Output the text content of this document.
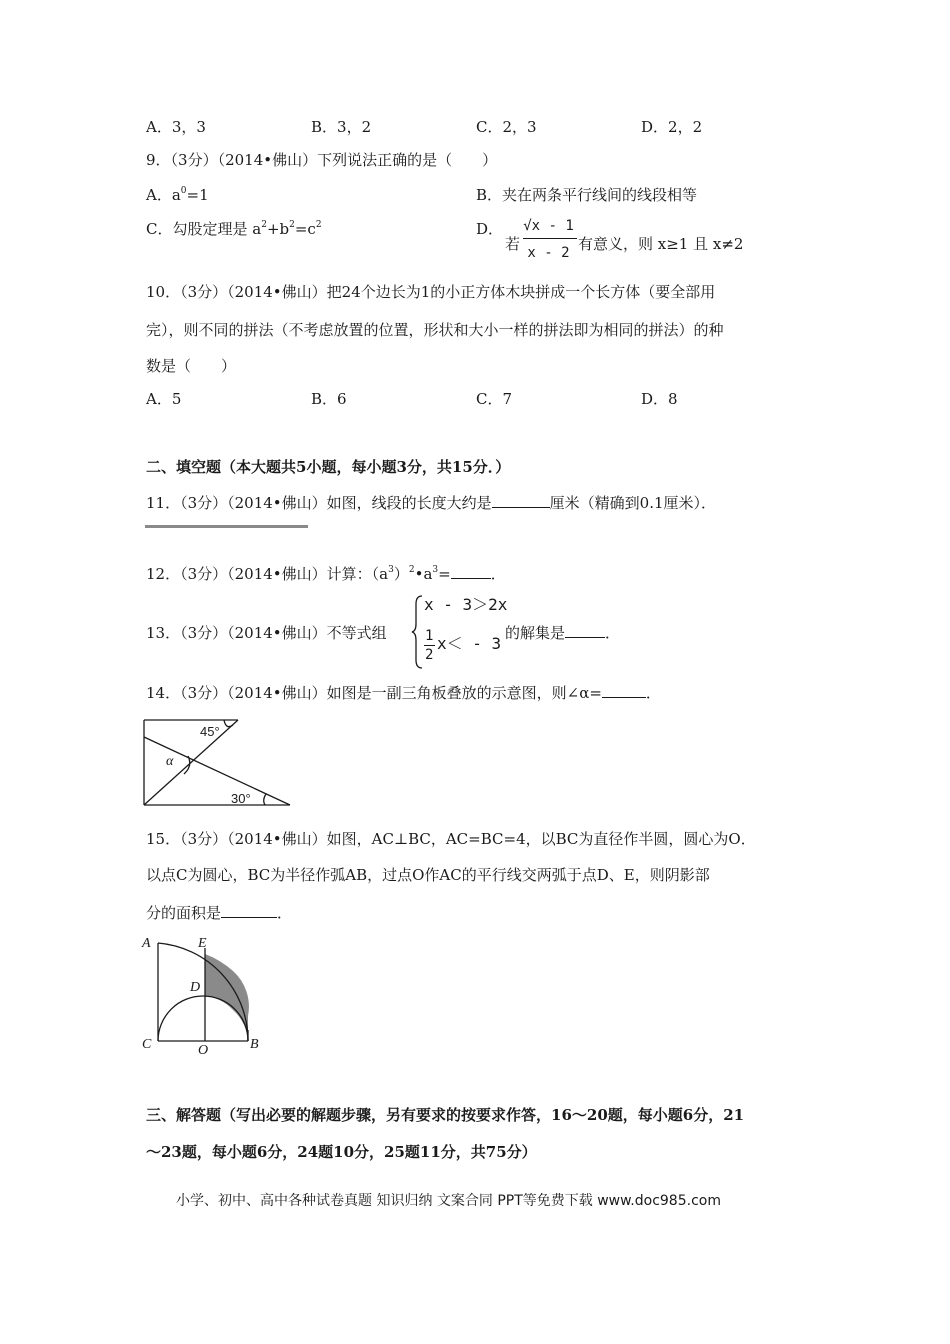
A．3，3	B．3，2	C．2，3	D．2，2
9．（3分）（2014•佛山）下列说法正确的是（　　）
A．$a^0=1$	B．夹在两条平行线间的线段相等
C．勾股定理是 $a^2+b^2=c^2$	D．
若
√x - 1
x - 2 有意义，则 x≥1 且 x≠2
10．（3分）（2014•佛山）把24个边长为1的小正方体木块拼成一个长方体（要全部用
完），则不同的拼法（不考虑放置的位置，形状和大小一样的拼法即为相同的拼法）的种
数是（　　）
A．5	B．6	C．7	D．8
二、填空题（本大题共5小题，每小题3分，共15分．）
11．（3分）（2014•佛山）如图，线段的长度大约是	厘米（精确到0.1厘米）．
12．（3分）（2014•佛山）计算：$(a^3)^2•a^3=$	．
13．（3分）（2014•佛山）不等式组
x - 3＞2x
1
2
x＜ - 3
的解集是	．
14．（3分）（2014•佛山）如图是一副三角板叠放的示意图，则∠α=	．
45°
α
30°
15．（3分）（2014•佛山）如图，AC⊥BC，AC=BC=4，以BC为直径作半圆，圆心为O．
以点C为圆心，BC为半径作弧AB，过点O作AC的平行线交两弧于点D、E，则阴影部
分的面积是	．
A	E
D
C	O	B
三、解答题（写出必要的解题步骤，另有要求的按要求作答，16～20题，每小题6分，21
～23题，每小题6分，24题10分，25题11分，共75分）
小学、初中、高中各种试卷真题 知识归纳 文案合同 PPT等免费下载 www.doc985.com
